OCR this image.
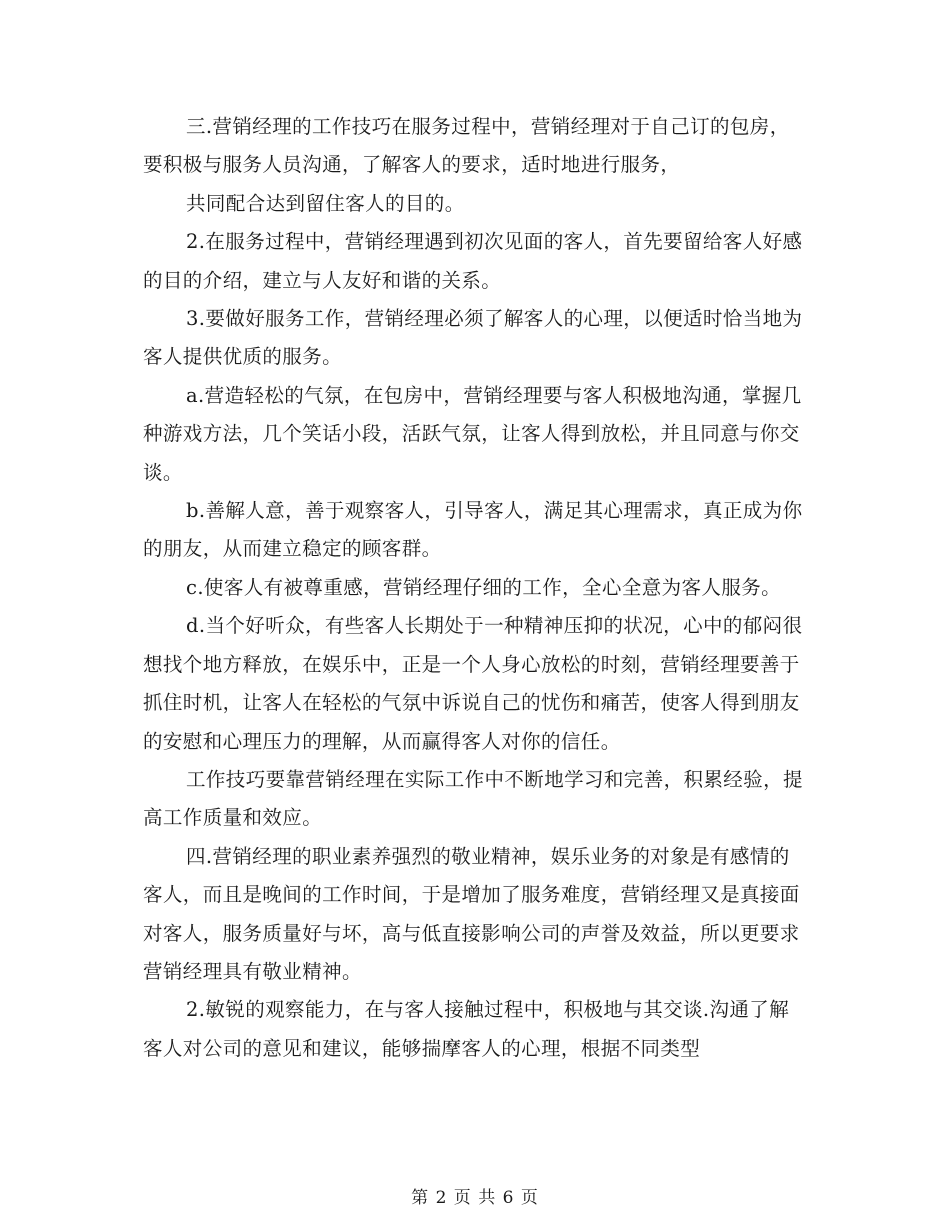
三.营销经理的工作技巧在服务过程中，营销经理对于自己订的包房，要积极与服务人员沟通，了解客人的要求，适时地进行服务，

共同配合达到留住客人的目的。

2.在服务过程中，营销经理遇到初次见面的客人，首先要留给客人好感的目的介绍，建立与人友好和谐的关系。

3.要做好服务工作，营销经理必须了解客人的心理，以便适时恰当地为客人提供优质的服务。

a.营造轻松的气氛，在包房中，营销经理要与客人积极地沟通，掌握几种游戏方法，几个笑话小段，活跃气氛，让客人得到放松，并且同意与你交谈。

b.善解人意，善于观察客人，引导客人，满足其心理需求，真正成为你的朋友，从而建立稳定的顾客群。

c.使客人有被尊重感，营销经理仔细的工作，全心全意为客人服务。

d.当个好听众，有些客人长期处于一种精神压抑的状况，心中的郁闷很想找个地方释放，在娱乐中，正是一个人身心放松的时刻，营销经理要善于抓住时机，让客人在轻松的气氛中诉说自己的忧伤和痛苦，使客人得到朋友的安慰和心理压力的理解，从而赢得客人对你的信任。

工作技巧要靠营销经理在实际工作中不断地学习和完善，积累经验，提高工作质量和效应。

四.营销经理的职业素养强烈的敬业精神，娱乐业务的对象是有感情的客人，而且是晚间的工作时间，于是增加了服务难度，营销经理又是真接面对客人，服务质量好与坏，高与低直接影响公司的声誉及效益，所以更要求营销经理具有敬业精神。

2.敏锐的观察能力，在与客人接触过程中，积极地与其交谈.沟通了解客人对公司的意见和建议，能够揣摩客人的心理，根据不同类型

第 2 页 共 6 页
